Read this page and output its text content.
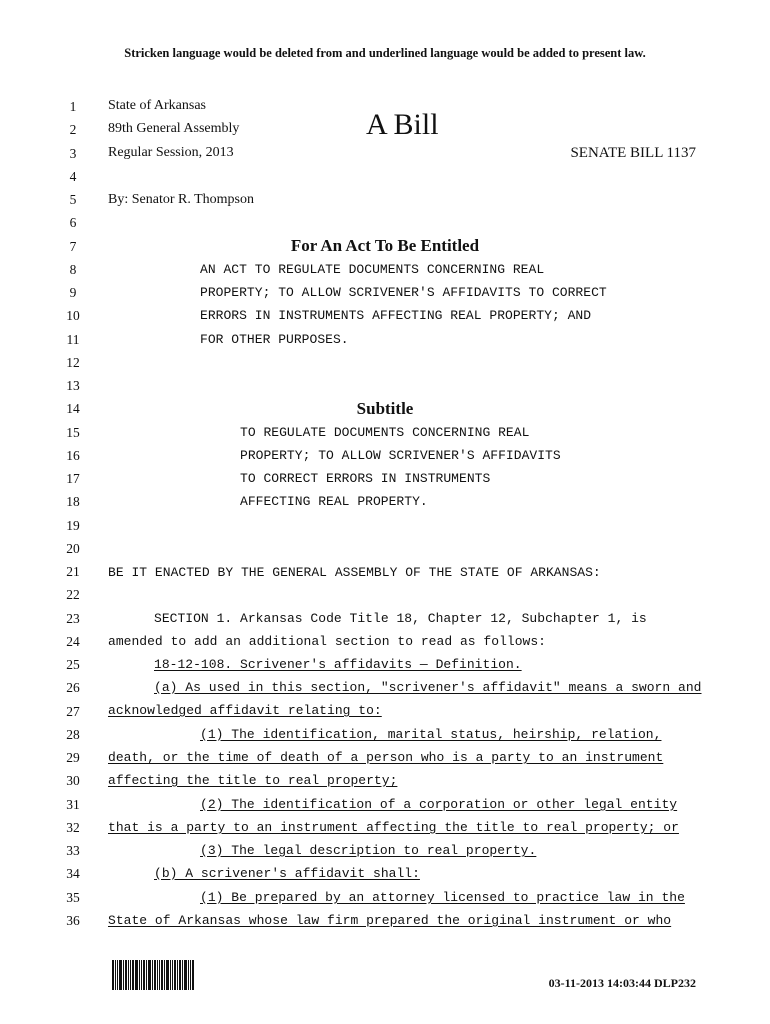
Stricken language would be deleted from and underlined language would be added to present law.
1
2
3
4
5
6
7
8
9
10
11
12
13
14
15
16
17
18
19
20
21
22
23
24
25
26
27
28
29
30
31
32
33
34
35
36
A Bill
SENATE BILL 1137
State of Arkansas
89th General Assembly
Regular Session, 2013
By: Senator R. Thompson
For An Act To Be Entitled
AN ACT TO REGULATE DOCUMENTS CONCERNING REAL
PROPERTY; TO ALLOW SCRIVENER'S AFFIDAVITS TO CORRECT
ERRORS IN INSTRUMENTS AFFECTING REAL PROPERTY; AND
FOR OTHER PURPOSES.
Subtitle
TO REGULATE DOCUMENTS CONCERNING REAL
PROPERTY; TO ALLOW SCRIVENER'S AFFIDAVITS
TO CORRECT ERRORS IN INSTRUMENTS
AFFECTING REAL PROPERTY.
BE IT ENACTED BY THE GENERAL ASSEMBLY OF THE STATE OF ARKANSAS:
SECTION 1. Arkansas Code Title 18, Chapter 12, Subchapter 1, is
amended to add an additional section to read as follows:
18-12-108. Scrivener's affidavits — Definition.
(a) As used in this section, "scrivener's affidavit" means a sworn and
acknowledged affidavit relating to:
(1) The identification, marital status, heirship, relation,
death, or the time of death of a person who is a party to an instrument
affecting the title to real property;
(2) The identification of a corporation or other legal entity
that is a party to an instrument affecting the title to real property; or
(3) The legal description to real property.
(b) A scrivener's affidavit shall:
(1) Be prepared by an attorney licensed to practice law in the
State of Arkansas whose law firm prepared the original instrument or who
03-11-2013 14:03:44 DLP232
